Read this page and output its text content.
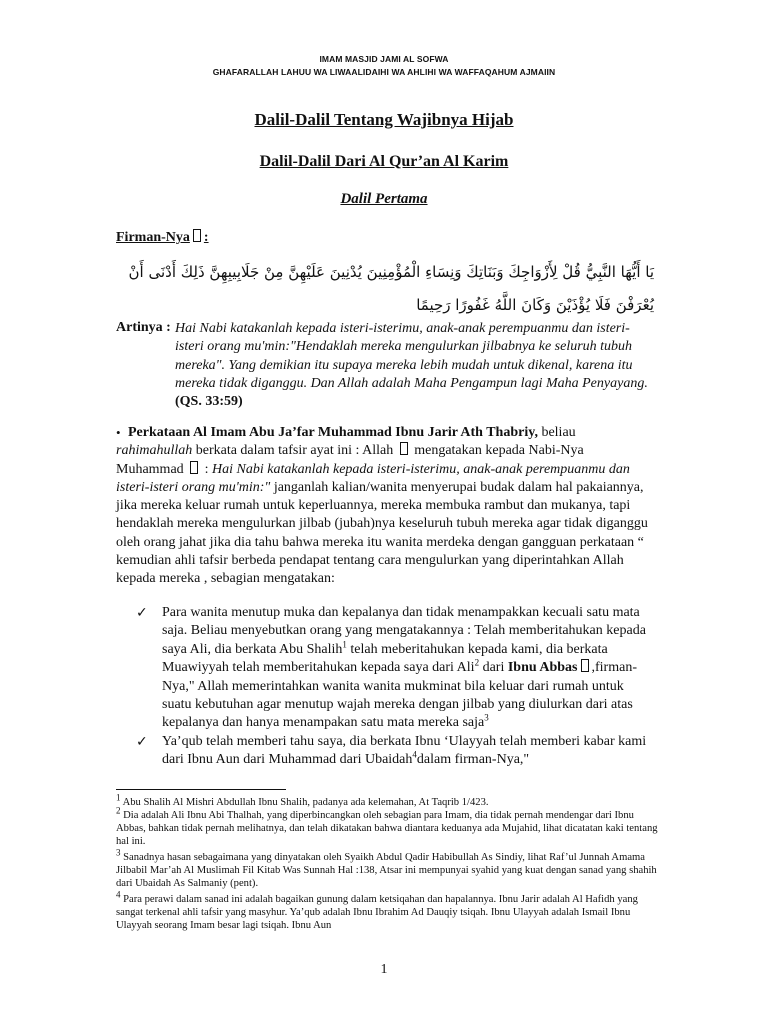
IMAM MASJID JAMI AL SOFWA
GHAFARALLAH LAHUU WA LIWAALIDAIHI WA AHLIHI WA WAFFAQAHUM AJMAIIN
Dalil-Dalil Tentang Wajibnya Hijab
Dalil-Dalil Dari Al Qur’an Al Karim
Dalil Pertama
Firman-Nya :
يَا أَيُّهَا النَّبِيُّ قُلْ لِأَزْوَاجِكَ وَبَنَاتِكَ وَنِسَاءِ الْمُؤْمِنِينَ يُدْنِينَ عَلَيْهِنَّ مِنْ جَلَابِيبِهِنَّ ذَلِكَ أَدْنَى أَنْ يُعْرَفْنَ فَلَا يُؤْذَيْنَ وَكَانَ اللَّهُ غَفُورًا رَحِيمًا
Artinya : Hai Nabi katakanlah kepada isteri-isterimu, anak-anak perempuanmu dan isteri-isteri orang mu'min:"Hendaklah mereka mengulurkan jilbabnya ke seluruh tubuh mereka". Yang demikian itu supaya mereka lebih mudah untuk dikenal, karena itu mereka tidak diganggu. Dan Allah adalah Maha Pengampun lagi Maha Penyayang. (QS. 33:59)
• Perkataan Al Imam Abu Ja’far Muhammad Ibnu Jarir Ath Thabriy, beliau rahimahullah berkata dalam tafsir ayat ini : Allah  mengatakan kepada Nabi-Nya Muhammad  : Hai Nabi katakanlah kepada isteri-isterimu, anak-anak perempuanmu dan isteri-isteri orang mu'min:" janganlah kalian/wanita menyerupai budak dalam hal pakaiannya, jika mereka keluar rumah untuk keperluannya, mereka membuka rambut dan mukanya, tapi hendaklah mereka mengulurkan jilbab (jubah)nya keseluruh tubuh mereka agar tidak diganggu oleh orang jahat jika dia tahu bahwa mereka itu wanita merdeka dengan gangguan perkataan “ kemudian ahli tafsir berbeda pendapat tentang cara mengulurkan yang diperintahkan Allah kepada mereka , sebagian mengatakan:
✓ Para wanita menutup muka dan kepalanya dan tidak menampakkan kecuali satu mata saja. Beliau menyebutkan orang yang mengatakannya : Telah memberitahukan kepada saya Ali, dia berkata Abu Shalih$^1$ telah meberitahukan kepada kami, dia berkata Muawiyyah telah memberitahukan kepada saya dari Ali$^2$ dari Ibnu Abbas ,firman-Nya," Allah memerintahkan wanita wanita mukminat bila keluar dari rumah untuk suatu kebutuhan agar menutup wajah mereka dengan jilbab yang diulurkan dari atas kepalanya dan hanya menampakan satu mata mereka saja$^3$
✓ Ya’qub telah memberi tahu saya, dia berkata Ibnu ‘Ulayyah telah memberi kabar kami dari Ibnu Aun dari Muhammad dari Ubaidah$^4$dalam firman-Nya,"
$^1$ Abu Shalih Al Mishri Abdullah Ibnu Shalih, padanya ada kelemahan, At Taqrib 1/423.
$^2$ Dia adalah Ali Ibnu Abi Thalhah, yang diperbincangkan oleh sebagian para Imam, dia tidak pernah mendengar dari Ibnu Abbas, bahkan tidak pernah melihatnya, dan telah dikatakan bahwa diantara keduanya ada Mujahid, lihat dicatatan kaki tentang hal ini.
$^3$ Sanadnya hasan sebagaimana yang dinyatakan oleh Syaikh Abdul Qadir Habibullah As Sindiy, lihat Raf’ul Junnah Amama Jilbabil Mar’ah Al Muslimah Fil Kitab Was Sunnah Hal :138, Atsar ini mempunyai syahid yang kuat dengan sanad yang shahih dari Ubaidah As Salmaniy (pent).
$^4$ Para perawi dalam sanad ini adalah bagaikan gunung dalam ketsiqahan dan hapalannya. Ibnu Jarir adalah Al Hafidh yang sangat terkenal ahli tafsir yang masyhur. Ya’qub adalah Ibnu Ibrahim Ad Dauqiy tsiqah. Ibnu Ulayyah adalah Ismail Ibnu Ulayyah seorang Imam besar lagi tsiqah. Ibnu Aun
1
